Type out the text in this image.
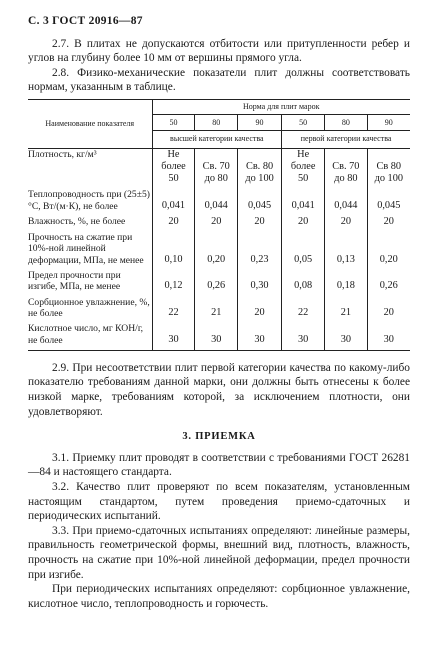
С. 3 ГОСТ 20916—87

2.7. В плитах не допускаются отбитости или притупленности ребер и углов на глубину более 10 мм от вершины прямого угла.

2.8. Физико-механические показатели плит должны соответствовать нормам, указанным в таблице.

Наименование показателя	Норма для плит марок					
	50	80	90	50	80	90
	высшей категории качества			первой категории качества		
Плотность, кг/м³	Не более 50	Св. 70 до 80	Св. 80 до 100	Не более 50	Св. 70 до 80	Св 80 до 100
Теплопроводность при (25±5)°С, Вт/(м·К), не более	0,041	0,044	0,045	0,041	0,044	0,045
Влажность, %, не более	20	20	20	20	20	20
Прочность на сжатие при 10%-ной линейной деформации, МПа, не менее	0,10	0,20	0,23	0,05	0,13	0,20
Предел прочности при изгибе, МПа, не менее	0,12	0,26	0,30	0,08	0,18	0,26
Сорбционное увлажнение, %, не более	22	21	20	22	21	20
Кислотное число, мг КОН/г, не более	30	30	30	30	30	30

2.9. При несоответствии плит первой категории качества по какому-либо показателю требованиям данной марки, они должны быть отнесены к более низкой марке, требованиям которой, за исключением плотности, они удовлетворяют.

3. ПРИЕМКА

3.1. Приемку плит проводят в соответствии с требованиями ГОСТ 26281—84 и настоящего стандарта.

3.2. Качество плит проверяют по всем показателям, установленным настоящим стандартом, путем проведения приемо-сдаточных и периодических испытаний.

3.3. При приемо-сдаточных испытаниях определяют: линейные размеры, правильность геометрической формы, внешний вид, плотность, влажность, прочность на сжатие при 10%-ной линейной деформации, предел прочности при изгибе.

При периодических испытаниях определяют: сорбционное увлажнение, кислотное число, теплопроводность и горючесть.
